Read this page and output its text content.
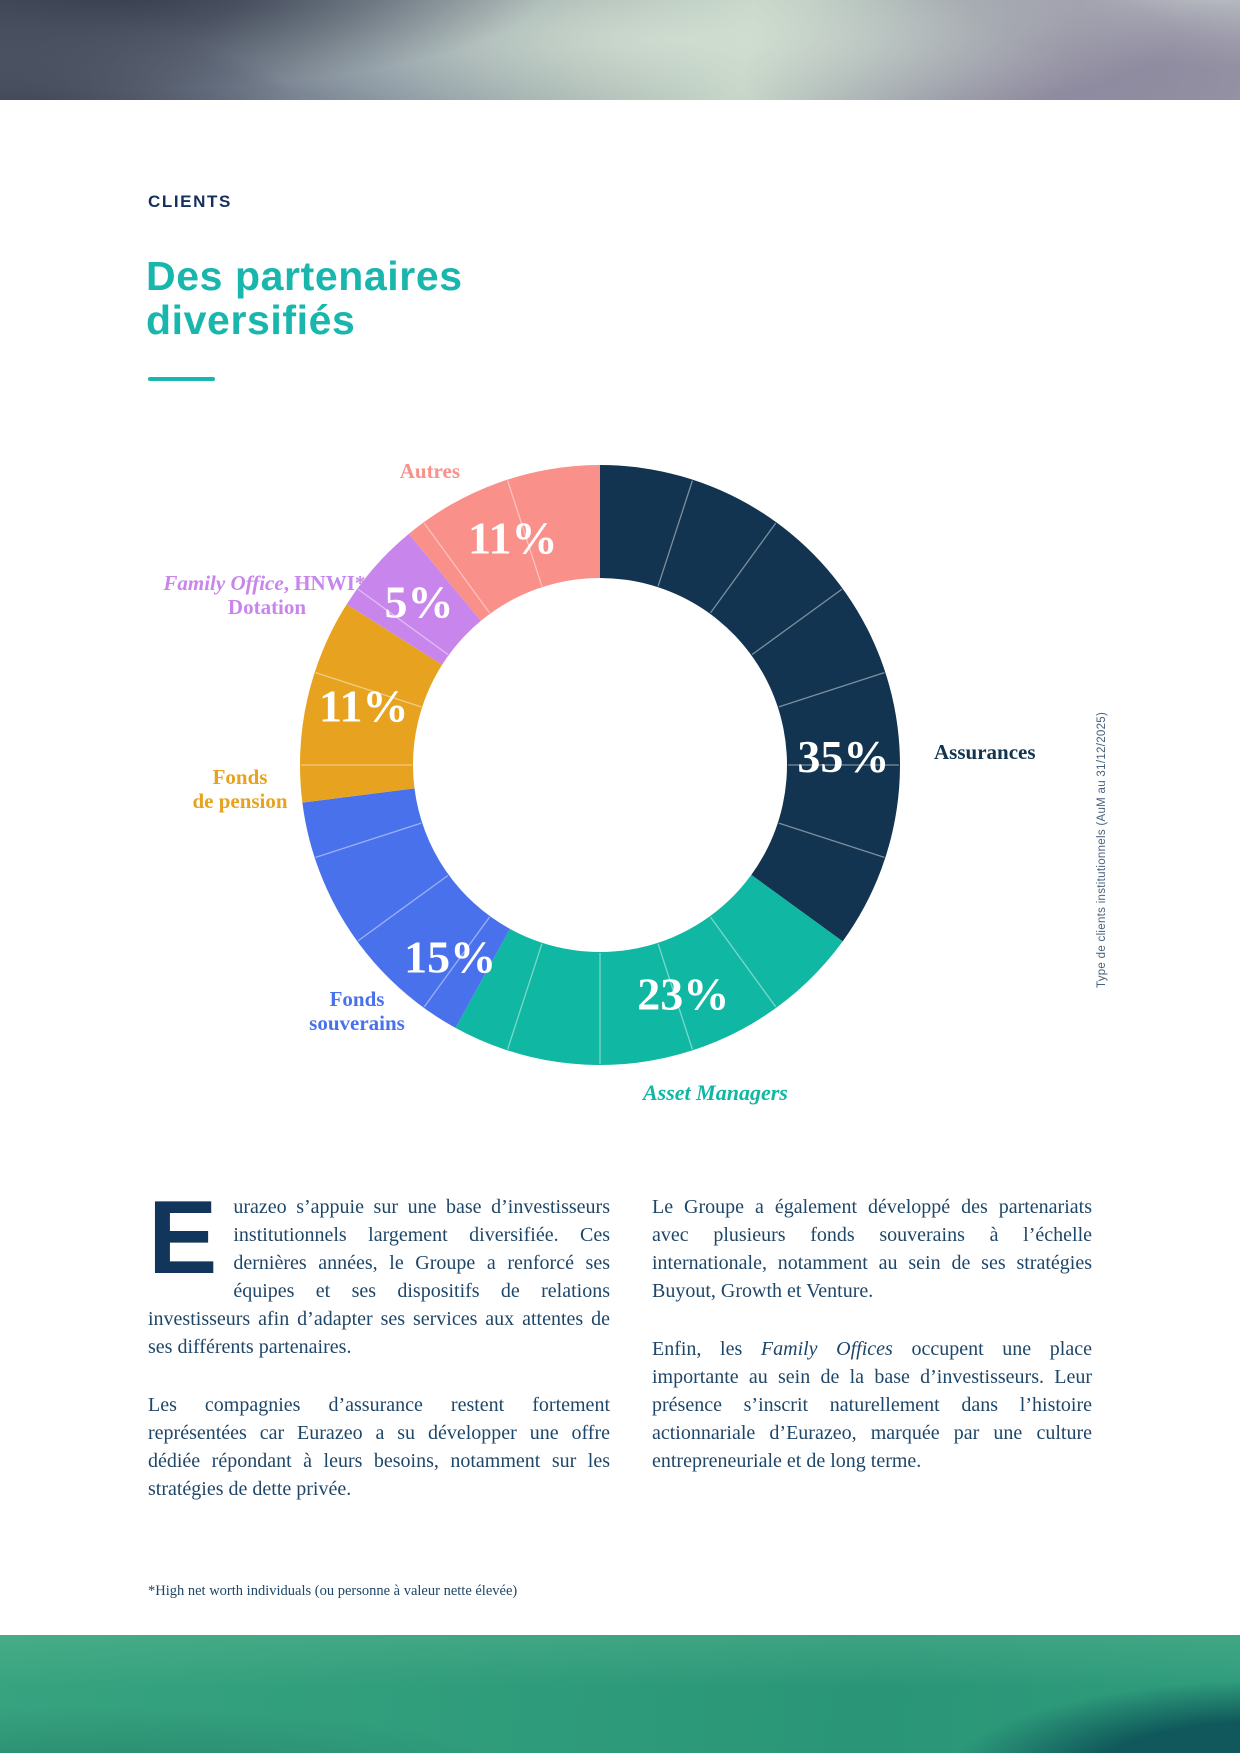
CLIENTS
Des partenaires
diversifiés
35%
23%
15%
11%
5%
11%
Autres
Family Office, HNWI*,
Dotation
Fonds
de pension
Fonds
souverains
Asset Managers
Assurances	Type de clients institutionnels (AuM au 31/12/2025)

Eurazeo s’appuie sur une base d’investisseurs institutionnels largement diversifiée. Ces dernières années, le Groupe a renforcé ses équipes et ses dispositifs de relations investisseurs afin d’adapter ses services aux attentes de ses différents partenaires.

Les compagnies d’assurance restent fortement représentées car Eurazeo a su développer une offre dédiée répondant à leurs besoins, notamment sur les stratégies de dette privée.

Le Groupe a également développé des partenariats avec plusieurs fonds souverains à l’échelle internationale, notamment au sein de ses stratégies Buyout, Growth et Venture.

Enfin, les Family Offices occupent une place importante au sein de la base d’investisseurs. Leur présence s’inscrit naturellement dans l’histoire actionnariale d’Eurazeo, marquée par une culture entrepreneuriale et de long terme.

*High net worth individuals (ou personne à valeur nette élevée)
